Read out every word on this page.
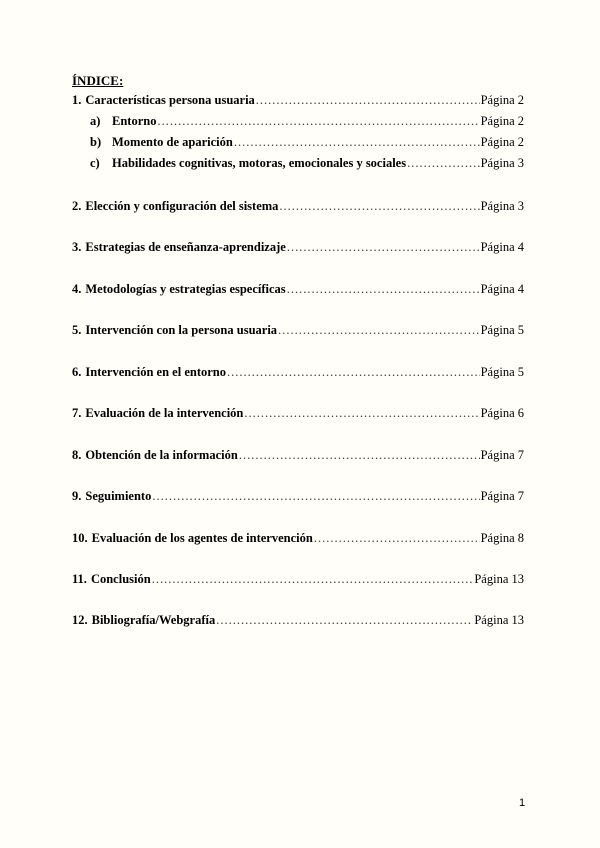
ÍNDICE:
1. Características persona usuaria .....	Página 2
a) Entorno .....	Página 2
b) Momento de aparición .....	Página 2
c) Habilidades cognitivas, motoras, emocionales y sociales .....	Página 3
2. Elección y configuración del sistema .....	Página 3
3. Estrategias de enseñanza-aprendizaje .....	Página 4
4. Metodologías y estrategias específicas .....	Página 4
5. Intervención con la persona usuaria .....	Página 5
6. Intervención en el entorno .....	Página 5
7. Evaluación de la intervención .....	Página 6
8. Obtención de la información .....	Página 7
9. Seguimiento .....	Página 7
10. Evaluación de los agentes de intervención .....	Página 8
11. Conclusión .....	Página 13
12. Bibliografía/Webgrafía .....	Página 13
1
